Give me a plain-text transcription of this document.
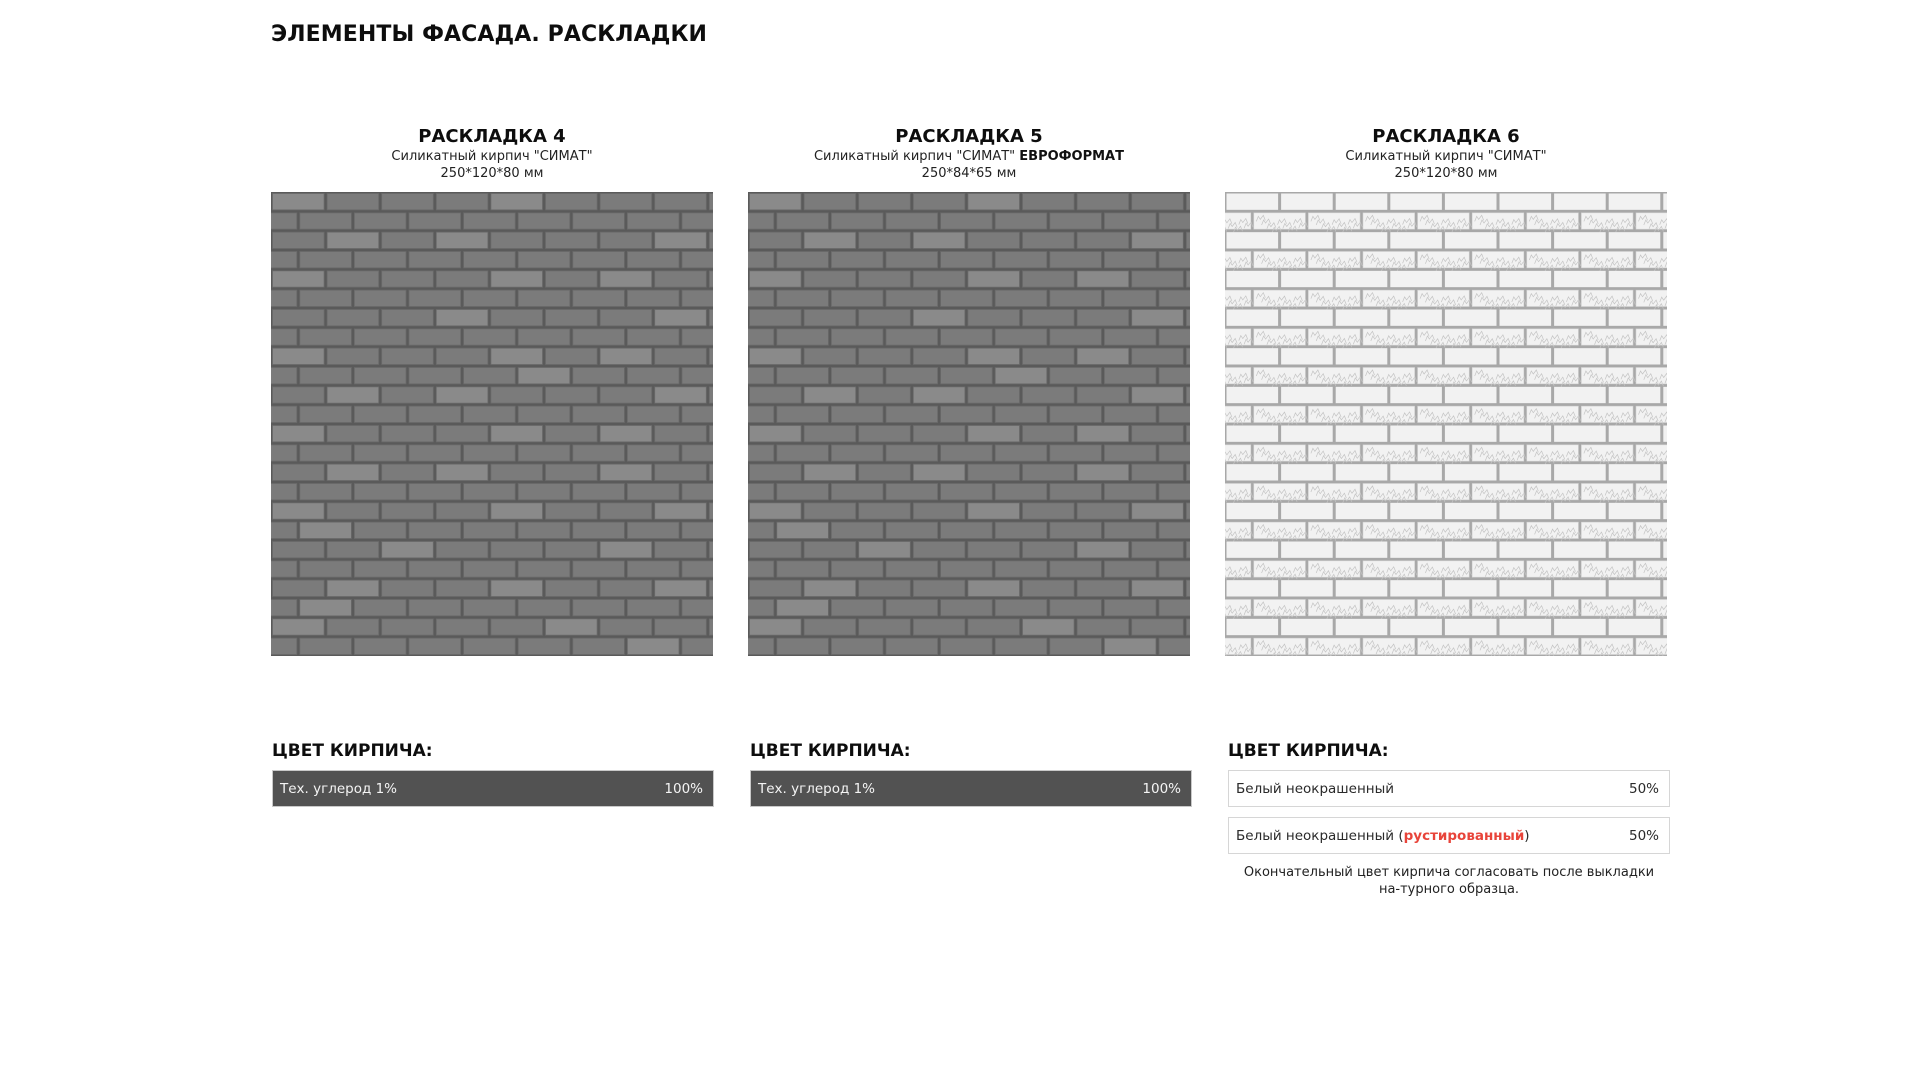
ЭЛЕМЕНТЫ ФАСАДА. РАСКЛАДКИ
РАСКЛАДКА 4
Силикатный кирпич "СИМАТ"
250*120*80 мм
РАСКЛАДКА 5
Силикатный кирпич "СИМАТ" ЕВРОФОРМАТ
250*84*65 мм
РАСКЛАДКА 6
Силикатный кирпич "СИМАТ"
250*120*80 мм
ЦВЕТ КИРПИЧА:
Тех. углерод 1%	100%
ЦВЕТ КИРПИЧА:
Тех. углерод 1%	100%
ЦВЕТ КИРПИЧА:
Белый неокрашенный	50%
Белый неокрашенный (рустированный)	50%
Окончательный цвет кирпича согласовать после выкладки на-турного образца.
